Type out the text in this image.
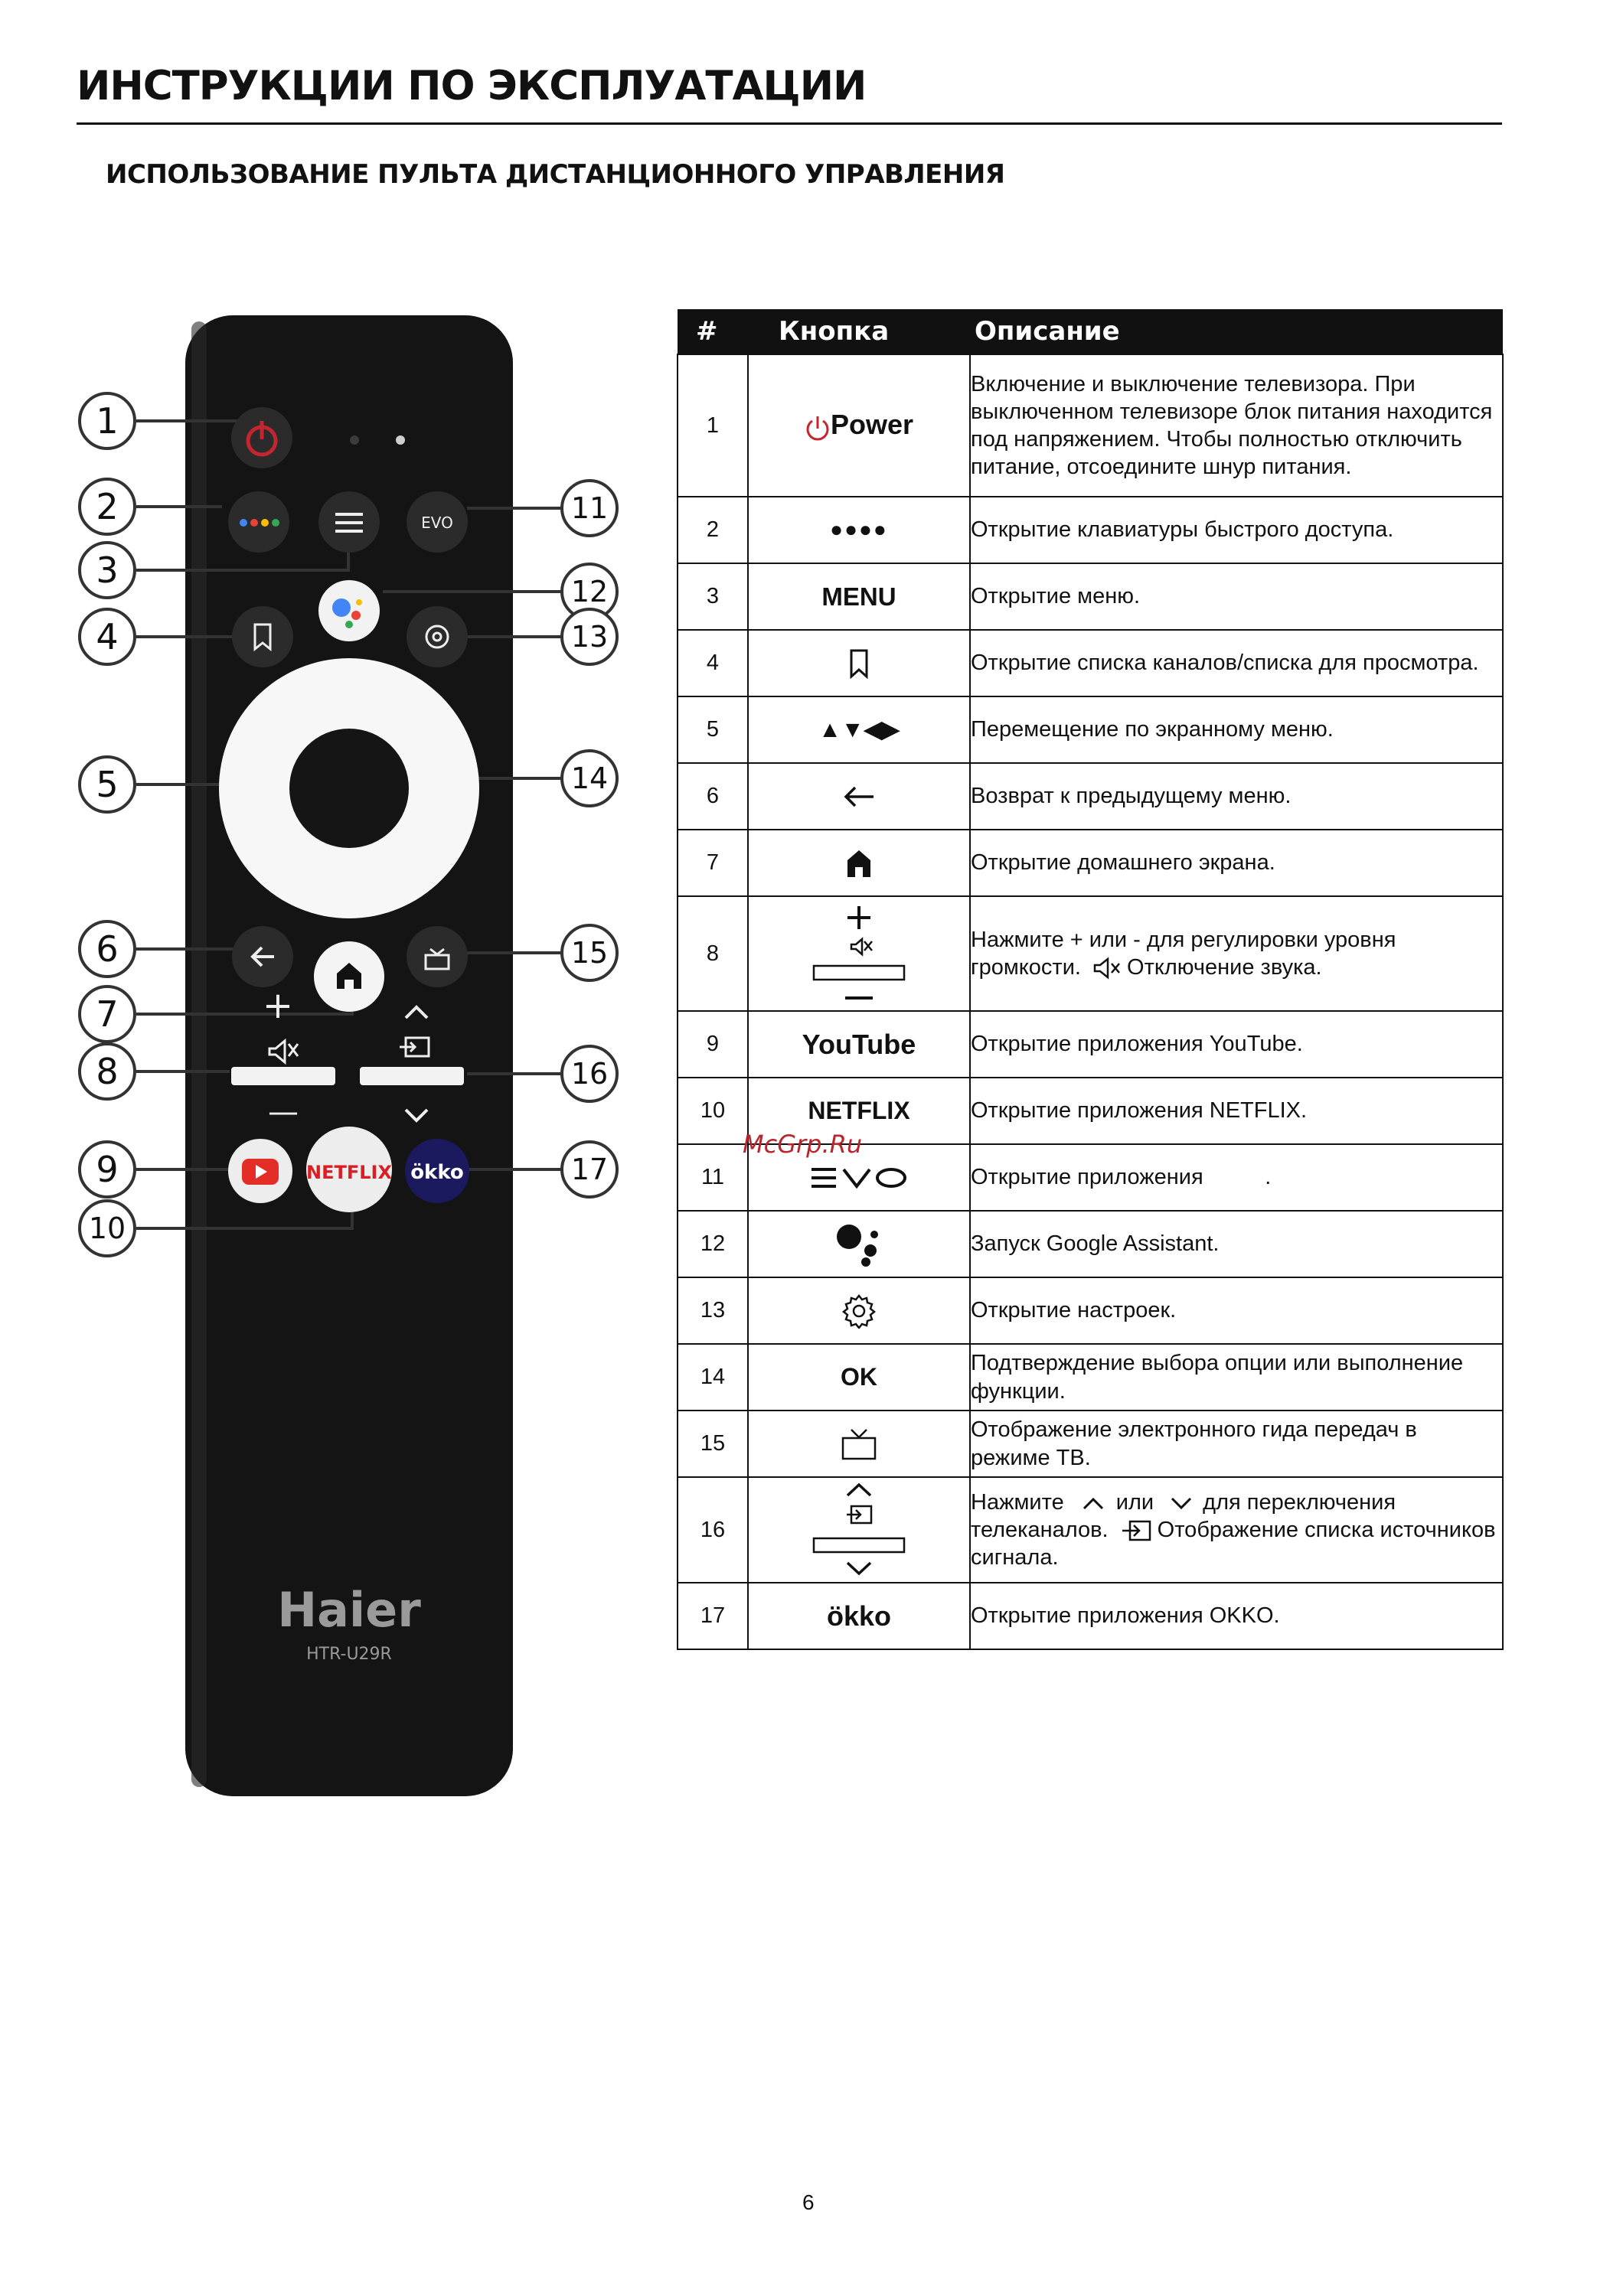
ИНСТРУКЦИИ ПО ЭКСПЛУАТАЦИИ
ИСПОЛЬЗОВАНИЕ ПУЛЬТА ДИСТАНЦИОННОГО УПРАВЛЕНИЯ
EVO
+
—
NETFLIX ökko
Haier
HTR-U29R
1
2
3
4
5
6
7
8
9
10
11
12
13
14
15
16
17
#	Кнопка	Описание
1	Power	Включение и выключение телевизора. При выключенном телевизоре блок питания находится под напряжением. Чтобы полностью отключить питание, отсоедините шнур питания.
2	●●●●	Открытие клавиатуры быстрого доступа.
3	MENU	Открытие меню.
4		Открытие списка каналов/списка для просмотра.
5	▲▼◀▶	Перемещение по экранному меню.
6		Возврат к предыдущему меню.
7		Открытие домашнего экрана.
8		Нажмите + или - для регулировки уровня громкости. Отключение звука.
9	YouTube	Открытие приложения YouTube.
10	NETFLIX	Открытие приложения NETFLIX.
11		Открытие приложения          .
12		Запуск Google Assistant.
13		Открытие настроек.
14	OK	Подтверждение выбора опции или выполнение функции.
15		Отображение электронного гида передач в режиме ТВ.
16		Нажмите или для переключения
телеканалов. Отображение списка источников сигнала.
17	ökko	Открытие приложения OKKO.
McGrp.Ru
6
